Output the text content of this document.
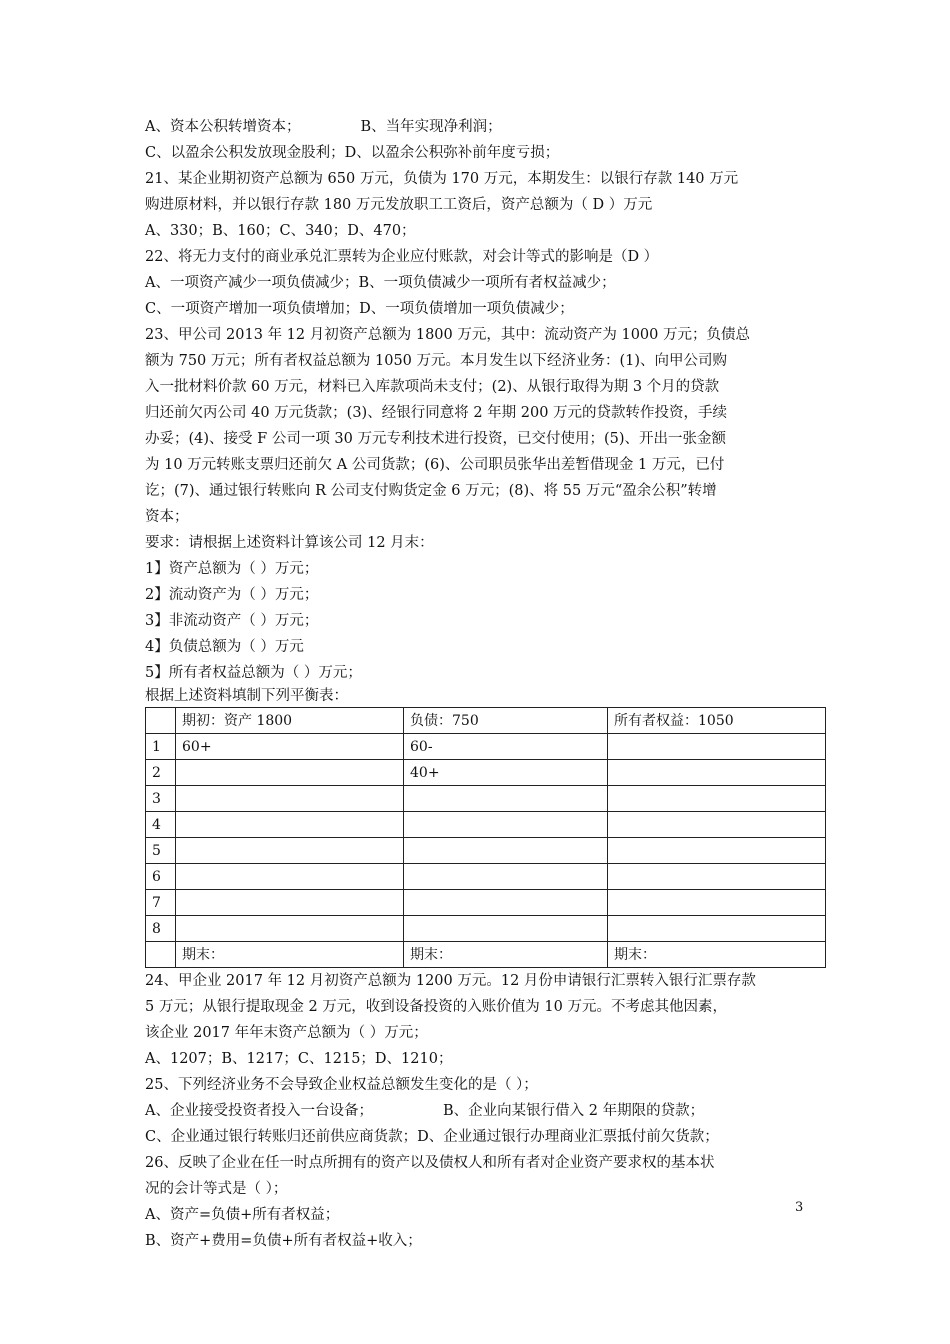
A、资本公积转增资本；	B、当年实现净利润；
C、以盈余公积发放现金股利；D、以盈余公积弥补前年度亏损；
21、某企业期初资产总额为 650 万元，负债为 170 万元，本期发生：以银行存款 140 万元
购进原材料，并以银行存款 180 万元发放职工工资后，资产总额为（ D ）万元
A、330；B、160；C、340；D、470；
22、将无力支付的商业承兑汇票转为企业应付账款，对会计等式的影响是（D ）
A、一项资产减少一项负债减少；B、一项负债减少一项所有者权益减少；
C、一项资产增加一项负债增加；D、一项负债增加一项负债减少；
23、甲公司 2013 年 12 月初资产总额为 1800 万元，其中：流动资产为 1000 万元；负债总
额为 750 万元；所有者权益总额为 1050 万元。本月发生以下经济业务：(1)、向甲公司购
入一批材料价款 60 万元，材料已入库款项尚未支付；(2)、从银行取得为期 3 个月的贷款
归还前欠丙公司 40 万元货款；(3)、经银行同意将 2 年期 200 万元的贷款转作投资，手续
办妥；(4)、接受 F 公司一项 30 万元专利技术进行投资，已交付使用；(5)、开出一张金额
为 10 万元转账支票归还前欠 A 公司货款；(6)、公司职员张华出差暂借现金 1 万元，已付
讫；(7)、通过银行转账向 R 公司支付购货定金 6 万元；(8)、将 55 万元“盈余公积”转增
资本；
要求：请根据上述资料计算该公司 12 月末：
1】资产总额为（ ）万元；
2】流动资产为（ ）万元；
3】非流动资产（ ）万元；
4】负债总额为（ ）万元
5】所有者权益总额为（ ）万元；
根据上述资料填制下列平衡表：
	期初：资产 1800	负债：750	所有者权益：1050
1	60+	60-	
2		40+	
3			
4			
5			
6			
7			
8			
	期末：	期末：	期末：
24、甲企业 2017 年 12 月初资产总额为 1200 万元。12 月份申请银行汇票转入银行汇票存款
5 万元；从银行提取现金 2 万元，收到设备投资的入账价值为 10 万元。不考虑其他因素，
该企业 2017 年年末资产总额为（ ）万元；
A、1207；B、1217；C、1215；D、1210；
25、下列经济业务不会导致企业权益总额发生变化的是（ ）；
A、企业接受投资者投入一台设备；	B、企业向某银行借入 2 年期限的贷款；
C、企业通过银行转账归还前供应商货款；D、企业通过银行办理商业汇票抵付前欠货款；
26、反映了企业在任一时点所拥有的资产以及债权人和所有者对企业资产要求权的基本状
况的会计等式是（ ）；
A、资产=负债+所有者权益；
B、资产+费用=负债+所有者权益+收入；
3
